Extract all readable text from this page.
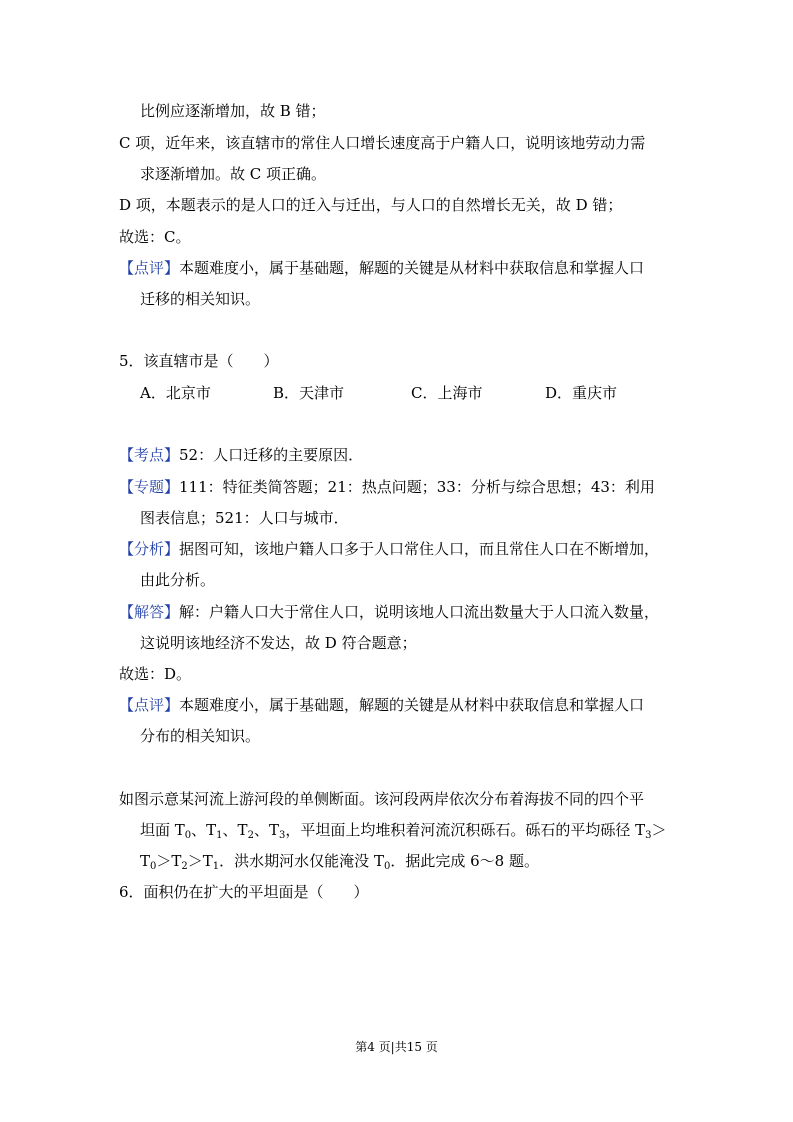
比例应逐渐增加，故 B 错；
C 项，近年来，该直辖市的常住人口增长速度高于户籍人口，说明该地劳动力需
求逐渐增加。故 C 项正确。
D 项，本题表示的是人口的迁入与迁出，与人口的自然增长无关，故 D 错；
故选：C。
【点评】本题难度小，属于基础题，解题的关键是从材料中获取信息和掌握人口
迁移的相关知识。
5．该直辖市是（　　）
A．北京市	B．天津市	C．上海市	D．重庆市
【考点】52：人口迁移的主要原因．
【专题】111：特征类简答题；21：热点问题；33：分析与综合思想；43：利用
图表信息；521：人口与城市．
【分析】据图可知，该地户籍人口多于人口常住人口，而且常住人口在不断增加，
由此分析。
【解答】解：户籍人口大于常住人口，说明该地人口流出数量大于人口流入数量，
这说明该地经济不发达，故 D 符合题意；
故选：D。
【点评】本题难度小，属于基础题，解题的关键是从材料中获取信息和掌握人口
分布的相关知识。
如图示意某河流上游河段的单侧断面。该河段两岸依次分布着海拔不同的四个平
坦面 $T_0$、$T_1$、$T_2$、$T_3$，平坦面上均堆积着河流沉积砾石。砾石的平均砾径 $T_3>$
$T_0>T_2>T_1$．洪水期河水仅能淹没 $T_0$．据此完成 6～8 题。
6．面积仍在扩大的平坦面是（　　）
第4 页|共15 页
